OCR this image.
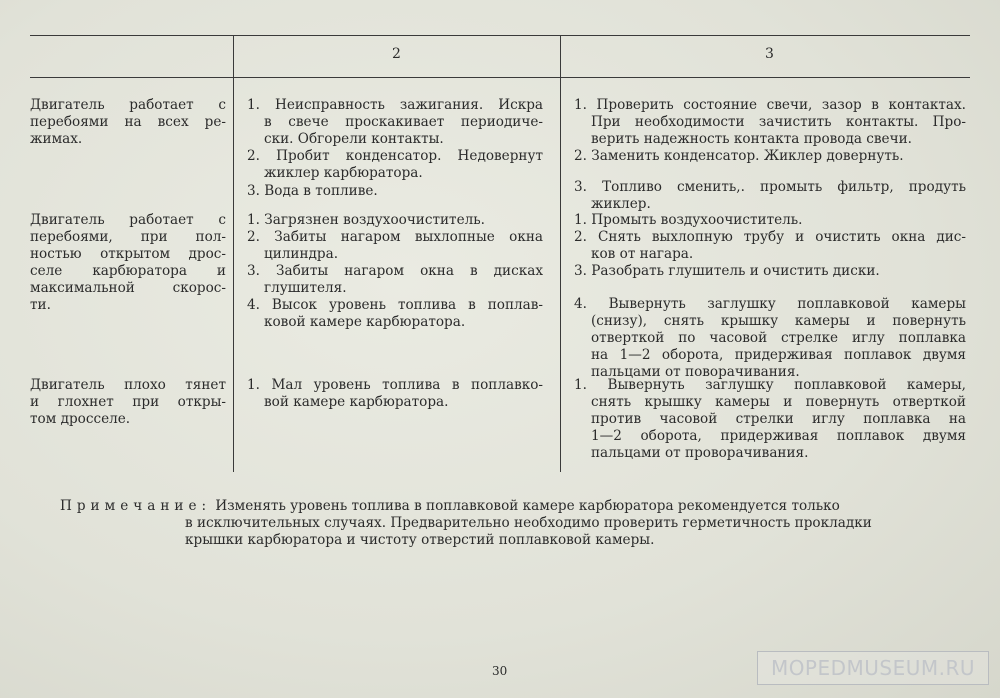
2	3

Двигатель работает с

перебоями на всех ре-

жимах.

1. Неисправность зажигания. Искра

в свече проскакивает периодиче-

ски. Обгорели контакты.

2. Пробит конденсатор. Недовернут

жиклер карбюратора.

3. Вода в топливе.

1. Проверить состояние свечи, зазор в контактах.

При необходимости зачистить контакты. Про-

верить надежность контакта провода свечи.

2. Заменить конденсатор. Жиклер довернуть.

3. Топливо сменить,. промыть фильтр, продуть

жиклер.

Двигатель работает с

перебоями, при пол-

ностью открытом дрос-

селе карбюратора и

максимальной скорос-

ти.

1. Загрязнен воздухоочиститель.

2. Забиты нагаром выхлопные окна

цилиндра.

3. Забиты нагаром окна в дисках

глушителя.

4. Высок уровень топлива в поплав-

ковой камере карбюратора.

1. Промыть воздухоочиститель.

2. Снять выхлопную трубу и очистить окна дис-

ков от нагара.

3. Разобрать глушитель и очистить диски.

4. Вывернуть заглушку поплавковой камеры

(снизу), снять крышку камеры и повернуть

отверткой по часовой стрелке иглу поплавка

на 1—2 оборота, придерживая поплавок двумя

пальцами от поворачивания.

Двигатель плохо тянет

и глохнет при откры-

том дросселе.

1. Мал уровень топлива в поплавко-

вой камере карбюратора.

1. Вывернуть заглушку поплавковой камеры,

снять крышку камеры и повернуть отверткой

против часовой стрелки иглу поплавка на

1—2 оборота, придерживая поплавок двумя

пальцами от проворачивания.

Примечание: Изменять уровень топлива в поплавковой камере карбюратора рекомендуется только
в исключительных случаях. Предварительно необходимо проверить герметичность прокладки
крышки карбюратора и чистоту отверстий поплавковой камеры.
30	MOPEDMUSEUM.RU
